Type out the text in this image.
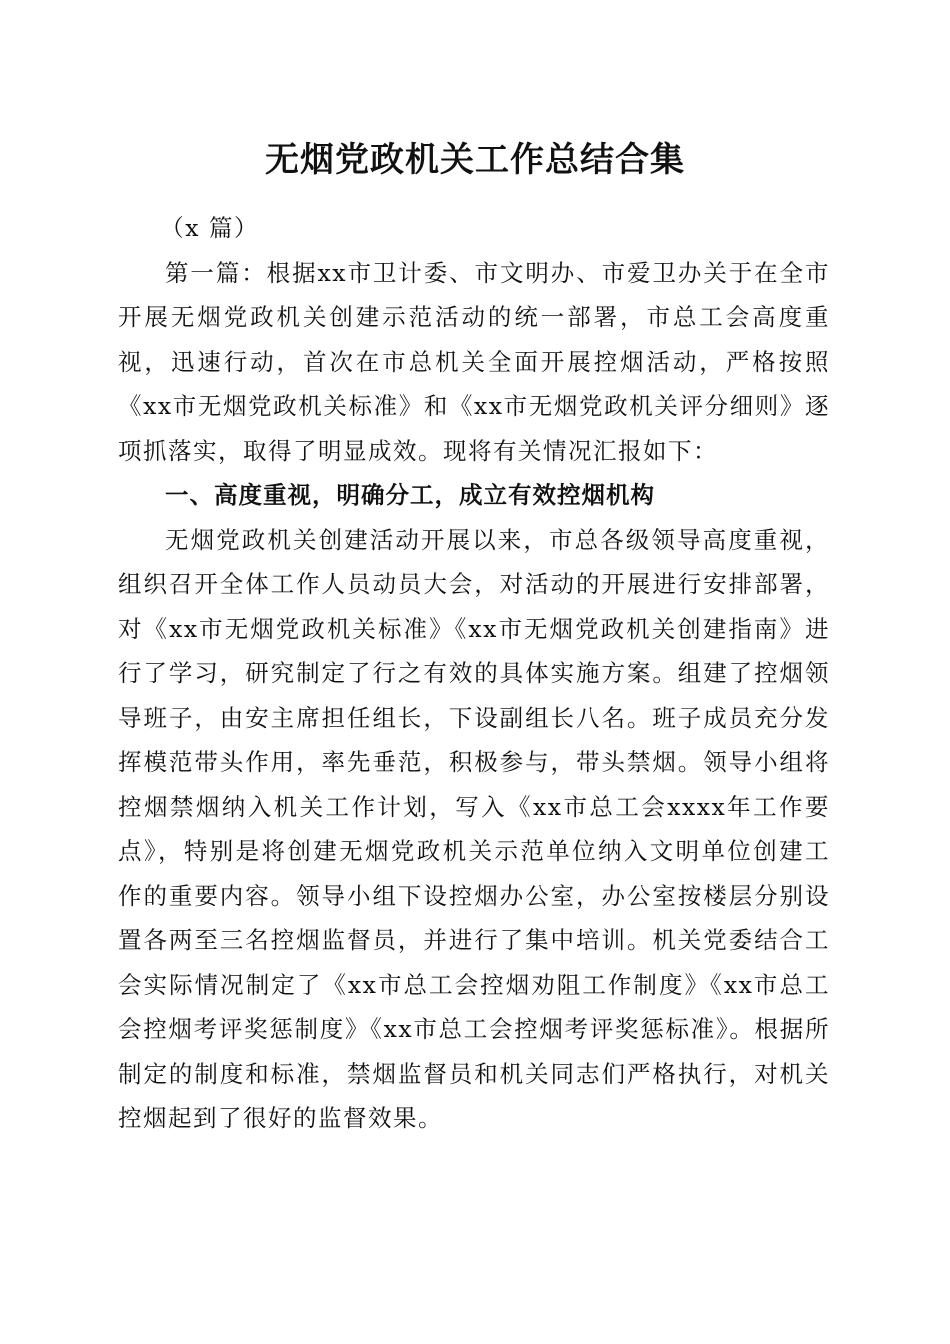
无烟党政机关工作总结合集

（x 篇）

第一篇：根据xx市卫计委、市文明办、市爱卫办关于在全市开展无烟党政机关创建示范活动的统一部署，市总工会高度重视，迅速行动，首次在市总机关全面开展控烟活动，严格按照《xx市无烟党政机关标准》和《xx市无烟党政机关评分细则》逐项抓落实，取得了明显成效。现将有关情况汇报如下：

一、高度重视，明确分工，成立有效控烟机构

无烟党政机关创建活动开展以来，市总各级领导高度重视，组织召开全体工作人员动员大会，对活动的开展进行安排部署，对《xx市无烟党政机关标准》《xx市无烟党政机关创建指南》进行了学习，研究制定了行之有效的具体实施方案。组建了控烟领导班子，由安主席担任组长，下设副组长八名。班子成员充分发挥模范带头作用，率先垂范，积极参与，带头禁烟。领导小组将控烟禁烟纳入机关工作计划，写入《xx市总工会xxxx年工作要点》，特别是将创建无烟党政机关示范单位纳入文明单位创建工作的重要内容。领导小组下设控烟办公室，办公室按楼层分别设置各两至三名控烟监督员，并进行了集中培训。机关党委结合工会实际情况制定了《xx市总工会控烟劝阻工作制度》《xx市总工会控烟考评奖惩制度》《xx市总工会控烟考评奖惩标准》。根据所制定的制度和标准，禁烟监督员和机关同志们严格执行，对机关控烟起到了很好的监督效果。
